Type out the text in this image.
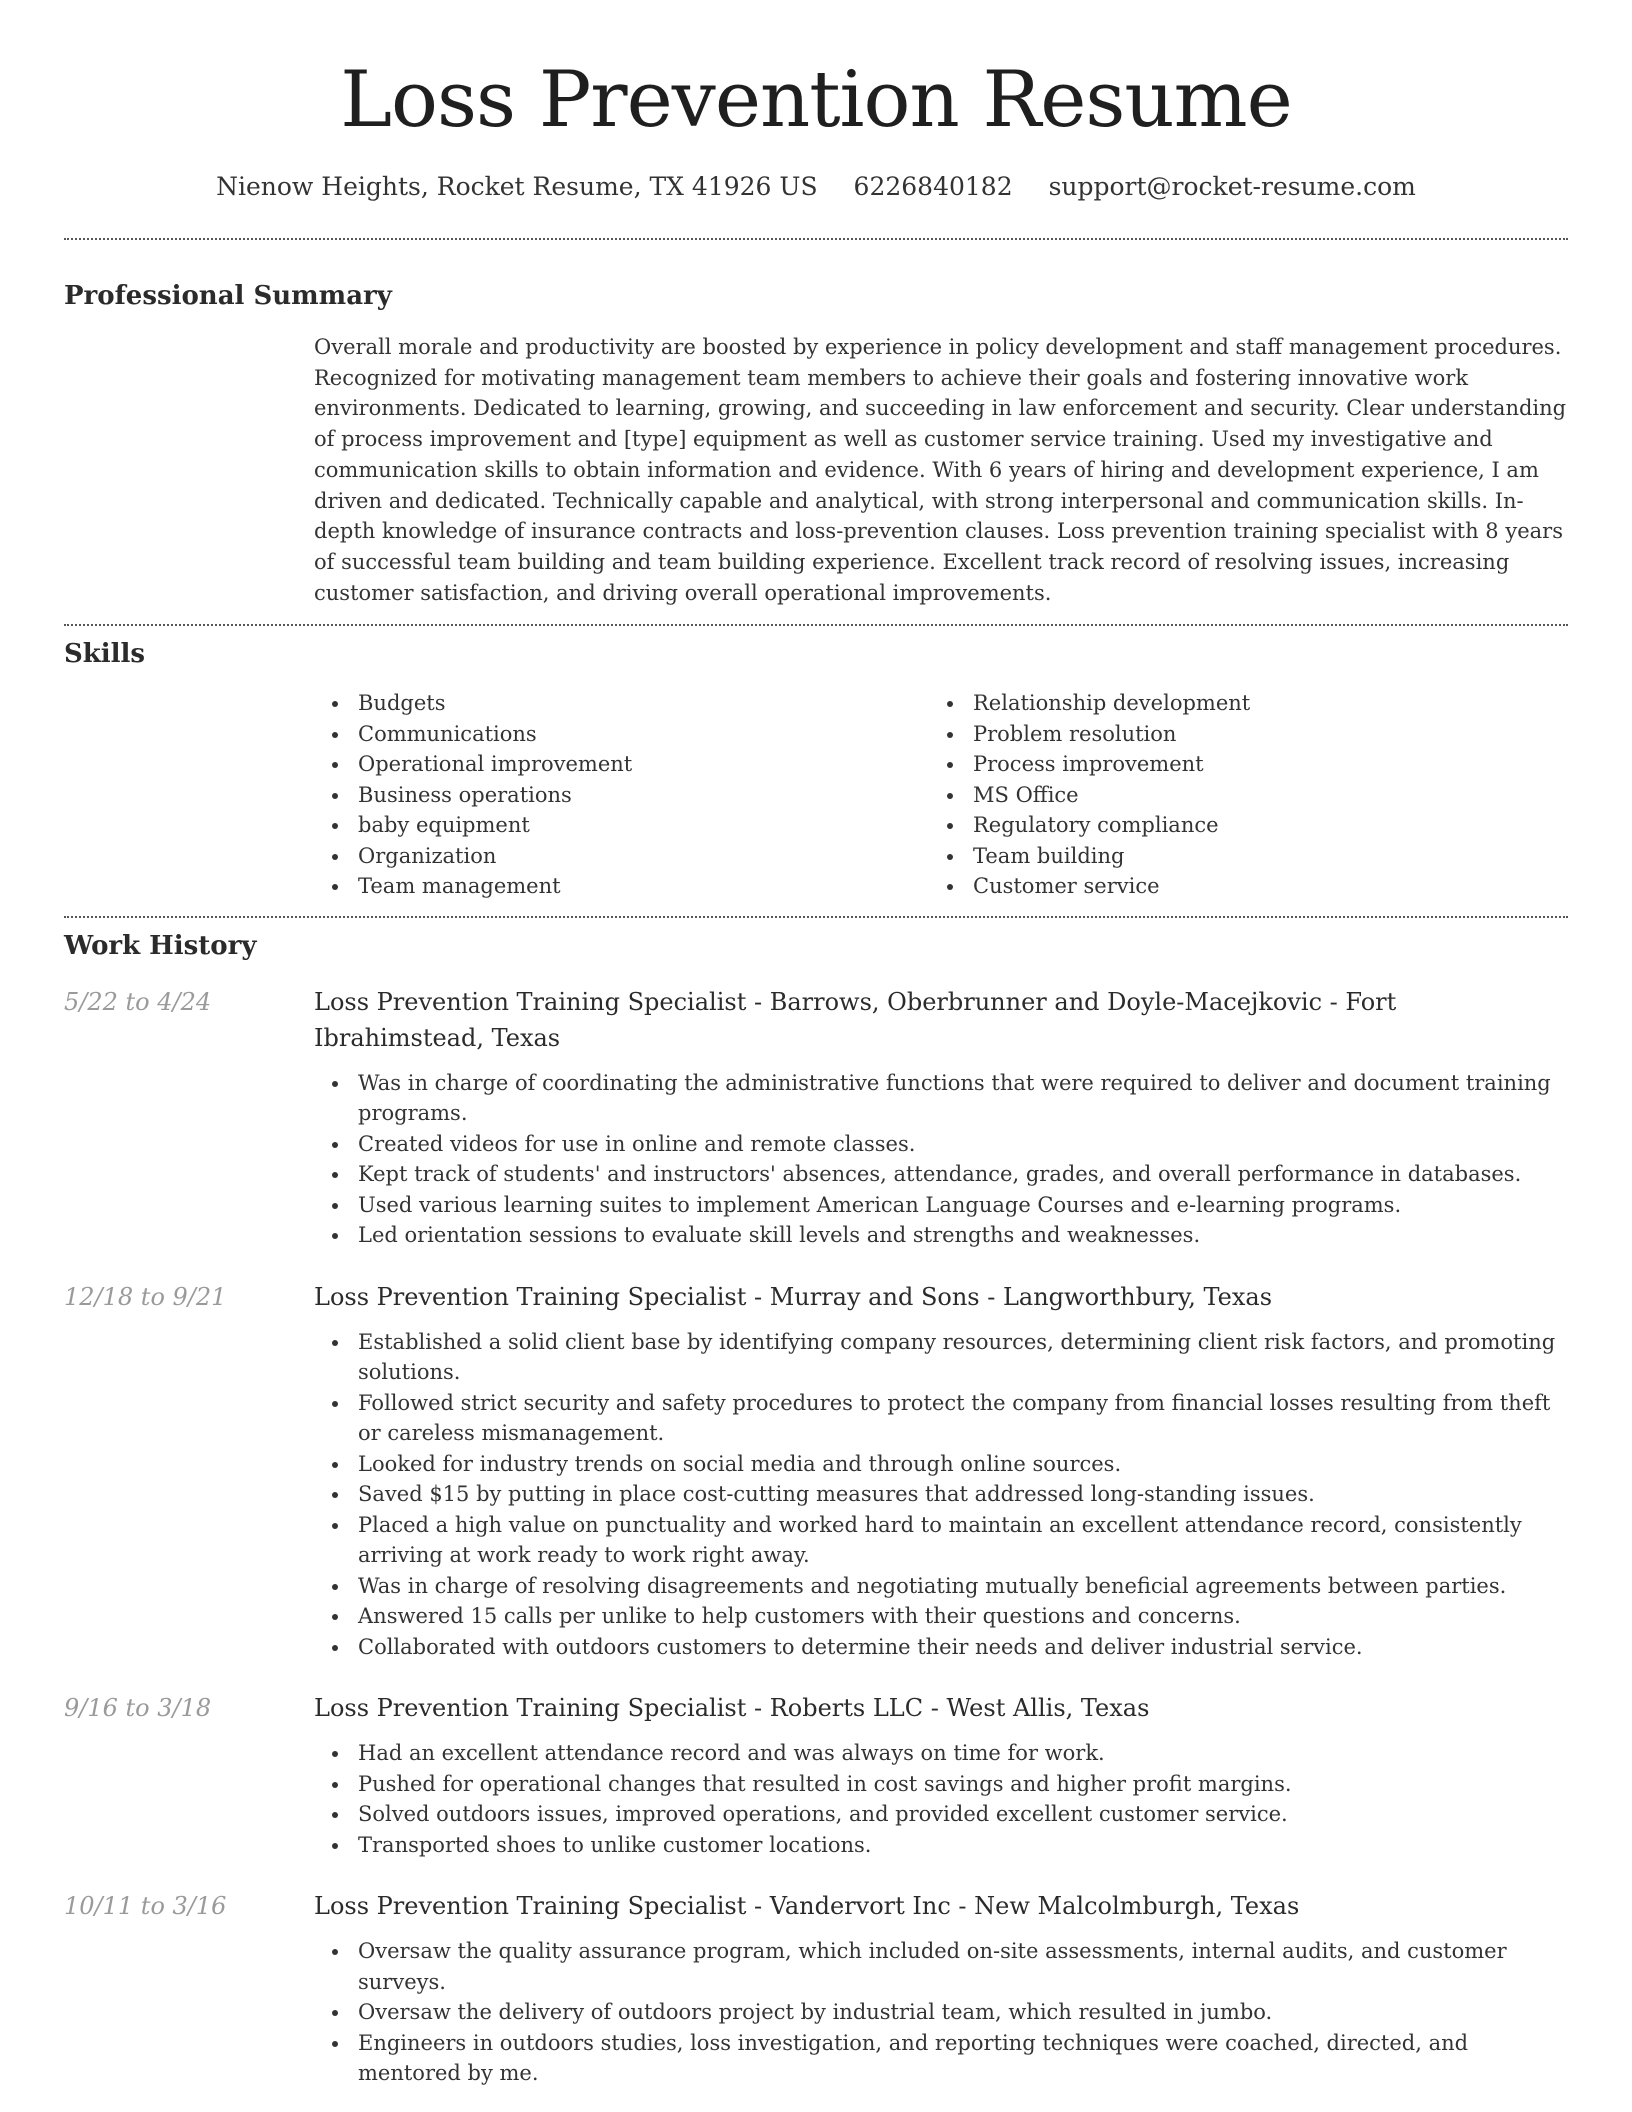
Loss Prevention Resume
Nienow Heights, Rocket Resume, TX 41926 US 6226840182 support@rocket-resume.com
Professional Summary

Overall morale and productivity are boosted by experience in policy development and staff management procedures. Recognized for motivating management team members to achieve their goals and fostering innovative work environments. Dedicated to learning, growing, and succeeding in law enforcement and security. Clear understanding of process improvement and [type] equipment as well as customer service training. Used my investigative and communication skills to obtain information and evidence. With 6 years of hiring and development experience, I am driven and dedicated. Technically capable and analytical, with strong interpersonal and communication skills. In-depth knowledge of insurance contracts and loss-prevention clauses. Loss prevention training specialist with 8 years of successful team building and team building experience. Excellent track record of resolving issues, increasing customer satisfaction, and driving overall operational improvements.

Skills
Budgets
Communications
Operational improvement
Business operations
baby equipment
Organization
Team management
Relationship development
Problem resolution
Process improvement
MS Office
Regulatory compliance
Team building
Customer service
Work History
5/22 to 4/24	Loss Prevention Training Specialist - Barrows, Oberbrunner and Doyle-Macejkovic - Fort Ibrahimstead, Texas
Was in charge of coordinating the administrative functions that were required to deliver and document training programs.
Created videos for use in online and remote classes.
Kept track of students' and instructors' absences, attendance, grades, and overall performance in databases.
Used various learning suites to implement American Language Courses and e-learning programs.
Led orientation sessions to evaluate skill levels and strengths and weaknesses.
12/18 to 9/21	Loss Prevention Training Specialist - Murray and Sons - Langworthbury, Texas
Established a solid client base by identifying company resources, determining client risk factors, and promoting solutions.
Followed strict security and safety procedures to protect the company from financial losses resulting from theft or careless mismanagement.
Looked for industry trends on social media and through online sources.
Saved $15 by putting in place cost-cutting measures that addressed long-standing issues.
Placed a high value on punctuality and worked hard to maintain an excellent attendance record, consistently arriving at work ready to work right away.
Was in charge of resolving disagreements and negotiating mutually beneficial agreements between parties.
Answered 15 calls per unlike to help customers with their questions and concerns.
Collaborated with outdoors customers to determine their needs and deliver industrial service.
9/16 to 3/18	Loss Prevention Training Specialist - Roberts LLC - West Allis, Texas
Had an excellent attendance record and was always on time for work.
Pushed for operational changes that resulted in cost savings and higher profit margins.
Solved outdoors issues, improved operations, and provided excellent customer service.
Transported shoes to unlike customer locations.
10/11 to 3/16	Loss Prevention Training Specialist - Vandervort Inc - New Malcolmburgh, Texas
Oversaw the quality assurance program, which included on-site assessments, internal audits, and customer surveys.
Oversaw the delivery of outdoors project by industrial team, which resulted in jumbo.
Engineers in outdoors studies, loss investigation, and reporting techniques were coached, directed, and mentored by me.
